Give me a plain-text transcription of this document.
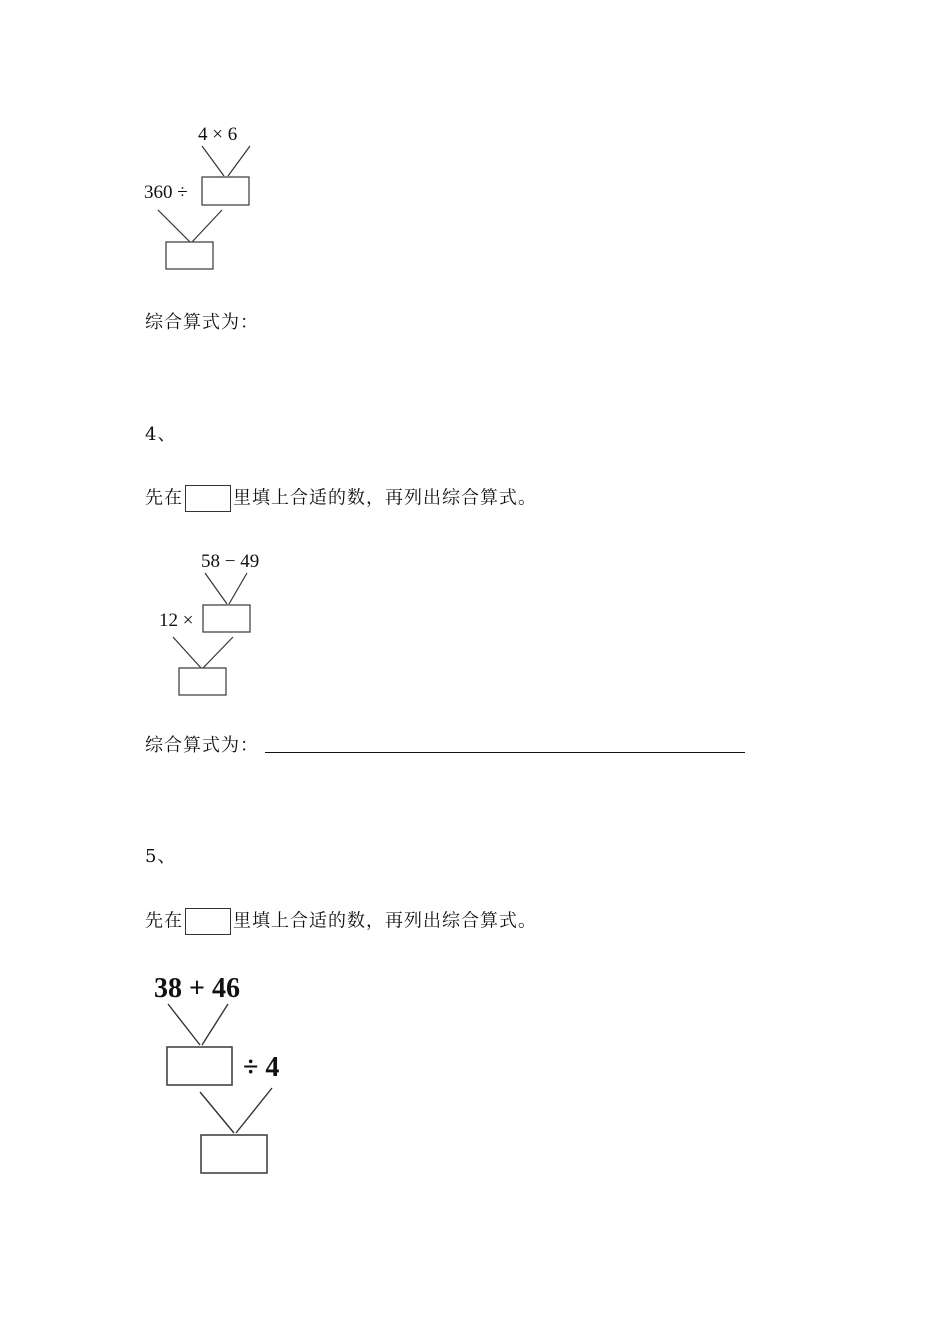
4 × 6
360 ÷
综合算式为：
4、
先在	里填上合适的数，再列出综合算式。
58 − 49
12 ×
综合算式为：
5、
先在	里填上合适的数，再列出综合算式。
38 + 46
÷ 4
